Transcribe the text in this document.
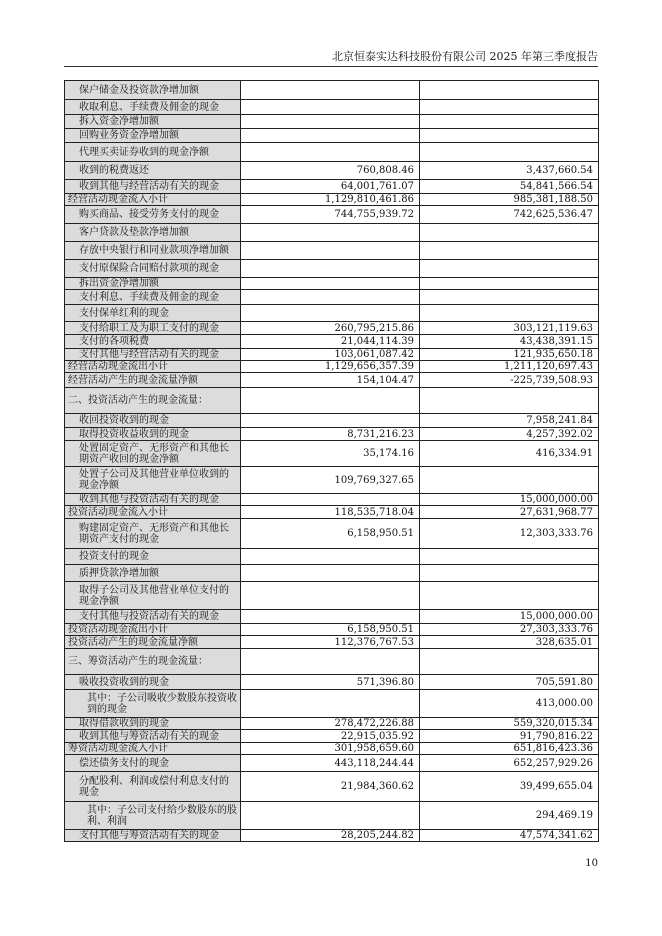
北京恒泰实达科技股份有限公司 2025 年第三季度报告
保户储金及投资款净增加额		
收取利息、手续费及佣金的现金		
拆入资金净增加额		
回购业务资金净增加额		
代理买卖证券收到的现金净额		
收到的税费返还	760,808.46	3,437,660.54
收到其他与经营活动有关的现金	64,001,761.07	54,841,566.54
经营活动现金流入小计	1,129,810,461.86	985,381,188.50
购买商品、接受劳务支付的现金	744,755,939.72	742,625,536.47
客户贷款及垫款净增加额		
存放中央银行和同业款项净增加额		
支付原保险合同赔付款项的现金		
拆出资金净增加额		
支付利息、手续费及佣金的现金		
支付保单红利的现金		
支付给职工及为职工支付的现金	260,795,215.86	303,121,119.63
支付的各项税费	21,044,114.39	43,438,391.15
支付其他与经营活动有关的现金	103,061,087.42	121,935,650.18
经营活动现金流出小计	1,129,656,357.39	1,211,120,697.43
经营活动产生的现金流量净额	154,104.47	-225,739,508.93
二、投资活动产生的现金流量：		
收回投资收到的现金		7,958,241.84
取得投资收益收到的现金	8,731,216.23	4,257,392.02
处置固定资产、无形资产和其他长期资产收回的现金净额	35,174.16	416,334.91
处置子公司及其他营业单位收到的现金净额	109,769,327.65	
收到其他与投资活动有关的现金		15,000,000.00
投资活动现金流入小计	118,535,718.04	27,631,968.77
购建固定资产、无形资产和其他长期资产支付的现金	6,158,950.51	12,303,333.76
投资支付的现金		
质押贷款净增加额		
取得子公司及其他营业单位支付的现金净额		
支付其他与投资活动有关的现金		15,000,000.00
投资活动现金流出小计	6,158,950.51	27,303,333.76
投资活动产生的现金流量净额	112,376,767.53	328,635.01
三、筹资活动产生的现金流量：		
吸收投资收到的现金	571,396.80	705,591.80
其中：子公司吸收少数股东投资收到的现金		413,000.00
取得借款收到的现金	278,472,226.88	559,320,015.34
收到其他与筹资活动有关的现金	22,915,035.92	91,790,816.22
筹资活动现金流入小计	301,958,659.60	651,816,423.36
偿还债务支付的现金	443,118,244.44	652,257,929.26
分配股利、利润或偿付利息支付的现金	21,984,360.62	39,499,655.04
其中：子公司支付给少数股东的股利、利润		294,469.19
支付其他与筹资活动有关的现金	28,205,244.82	47,574,341.62
10
